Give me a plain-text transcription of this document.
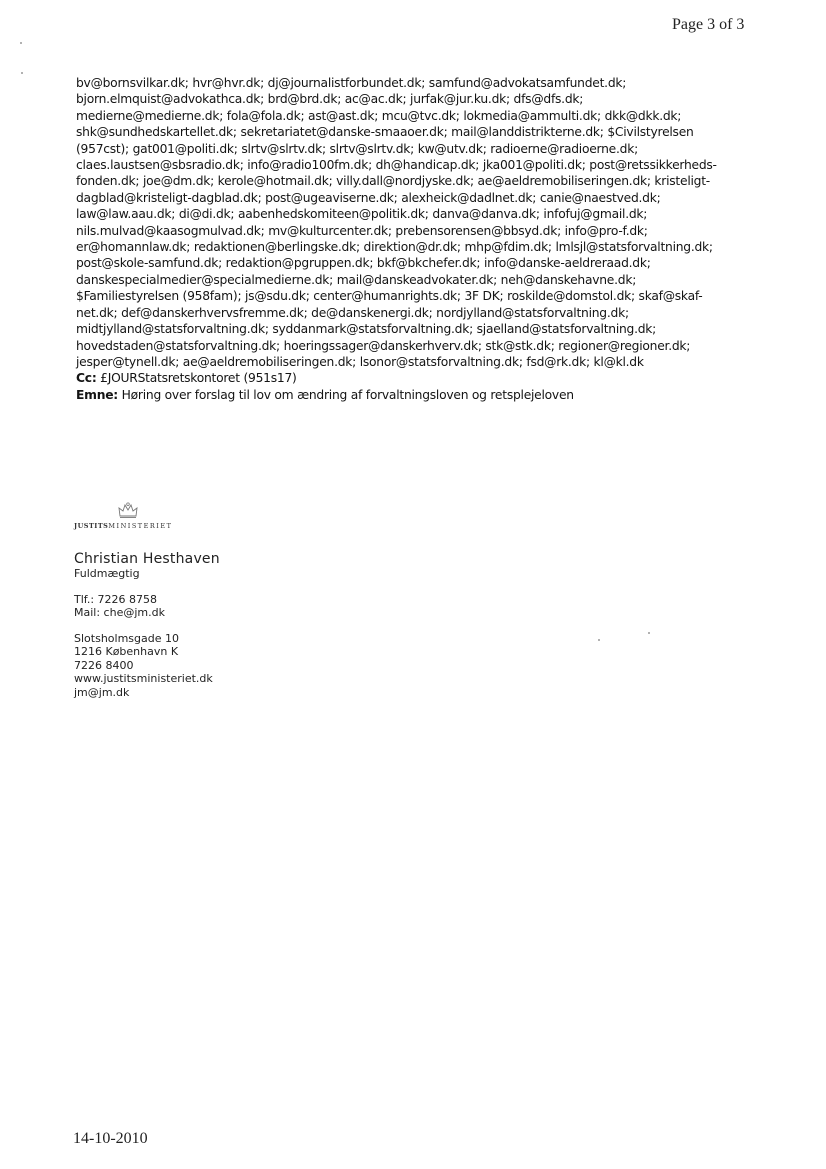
Page 3 of 3
bv@bornsvilkar.dk; hvr@hvr.dk; dj@journalistforbundet.dk; samfund@advokatsamfundet.dk;
bjorn.elmquist@advokathca.dk; brd@brd.dk; ac@ac.dk; jurfak@jur.ku.dk; dfs@dfs.dk;
medierne@medierne.dk; fola@fola.dk; ast@ast.dk; mcu@tvc.dk; lokmedia@ammulti.dk; dkk@dkk.dk;
shk@sundhedskartellet.dk; sekretariatet@danske-smaaoer.dk; mail@landdistrikterne.dk; $Civilstyrelsen
(957cst); gat001@politi.dk; slrtv@slrtv.dk; slrtv@slrtv.dk; kw@utv.dk; radioerne@radioerne.dk;
claes.laustsen@sbsradio.dk; info@radio100fm.dk; dh@handicap.dk; jka001@politi.dk; post@retssikkerheds-
fonden.dk; joe@dm.dk; kerole@hotmail.dk; villy.dall@nordjyske.dk; ae@aeldremobiliseringen.dk; kristeligt-
dagblad@kristeligt-dagblad.dk; post@ugeaviserne.dk; alexheick@dadlnet.dk; canie@naestved.dk;
law@law.aau.dk; di@di.dk; aabenhedskomiteen@politik.dk; danva@danva.dk; infofuj@gmail.dk;
nils.mulvad@kaasogmulvad.dk; mv@kulturcenter.dk; prebensorensen@bbsyd.dk; info@pro-f.dk;
er@homannlaw.dk; redaktionen@berlingske.dk; direktion@dr.dk; mhp@fdim.dk; lmlsjl@statsforvaltning.dk;
post@skole-samfund.dk; redaktion@pgruppen.dk; bkf@bkchefer.dk; info@danske-aeldreraad.dk;
danskespecialmedier@specialmedierne.dk; mail@danskeadvokater.dk; neh@danskehavne.dk;
$Familiestyrelsen (958fam); js@sdu.dk; center@humanrights.dk; 3F DK; roskilde@domstol.dk; skaf@skaf-
net.dk; def@danskerhvervsfremme.dk; de@danskenergi.dk; nordjylland@statsforvaltning.dk;
midtjylland@statsforvaltning.dk; syddanmark@statsforvaltning.dk; sjaelland@statsforvaltning.dk;
hovedstaden@statsforvaltning.dk; hoeringssager@danskerhverv.dk; stk@stk.dk; regioner@regioner.dk;
jesper@tynell.dk; ae@aeldremobiliseringen.dk; lsonor@statsforvaltning.dk; fsd@rk.dk; kl@kl.dk
Cc: £JOURStatsretskontoret (951s17)
Emne: Høring over forslag til lov om ændring af forvaltningsloven og retsplejeloven
JUSTITSMINISTERIET
Christian Hesthaven
Fuldmægtig
Tlf.: 7226 8758
Mail: che@jm.dk
Slotsholmsgade 10
1216 København K
7226 8400
www.justitsministeriet.dk
jm@jm.dk
14-10-2010
